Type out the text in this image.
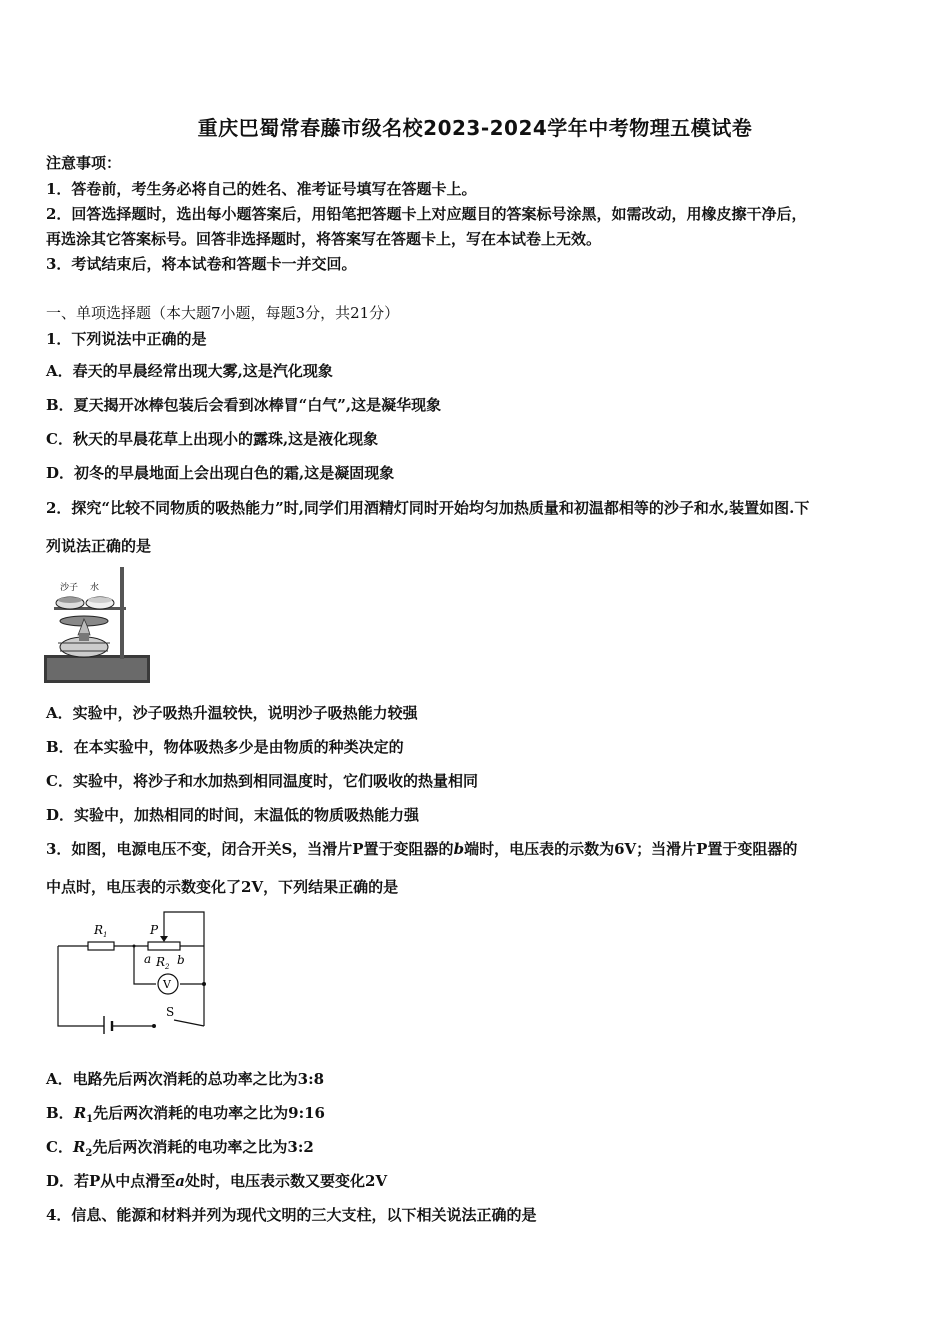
重庆巴蜀常春藤市级名校2023-2024学年中考物理五模试卷
注意事项：
1．答卷前，考生务必将自己的姓名、准考证号填写在答题卡上。
2．回答选择题时，选出每小题答案后，用铅笔把答题卡上对应题目的答案标号涂黑，如需改动，用橡皮擦干净后，
再选涂其它答案标号。回答非选择题时，将答案写在答题卡上，写在本试卷上无效。
3．考试结束后，将本试卷和答题卡一并交回。
一、单项选择题（本大题7小题，每题3分，共21分）
1．下列说法中正确的是
A．春天的早晨经常出现大雾,这是汽化现象
B．夏天揭开冰棒包装后会看到冰棒冒“白气”,这是凝华现象
C．秋天的早晨花草上出现小的露珠,这是液化现象
D．初冬的早晨地面上会出现白色的霜,这是凝固现象
2．探究“比较不同物质的吸热能力”时,同学们用酒精灯同时开始均匀加热质量和初温都相等的沙子和水,装置如图.下
列说法正确的是
沙子 水
A．实验中，沙子吸热升温较快，说明沙子吸热能力较强
B．在本实验中，物体吸热多少是由物质的种类决定的
C．实验中，将沙子和水加热到相同温度时，它们吸收的热量相同
D．实验中，加热相同的时间，末温低的物质吸热能力强
3．如图，电源电压不变，闭合开关S，当滑片P置于变阻器的b端时，电压表的示数为6V；当滑片P置于变阻器的
中点时，电压表的示数变化了2V，下列结果正确的是
$R_1$	P
a $R_2$ b
V
S
A．电路先后两次消耗的总功率之比为3:8
B．$R_1$先后两次消耗的电功率之比为9:16
C．$R_2$先后两次消耗的电功率之比为3:2
D．若P从中点滑至a处时，电压表示数又要变化2V
4．信息、能源和材料并列为现代文明的三大支柱，以下相关说法正确的是
